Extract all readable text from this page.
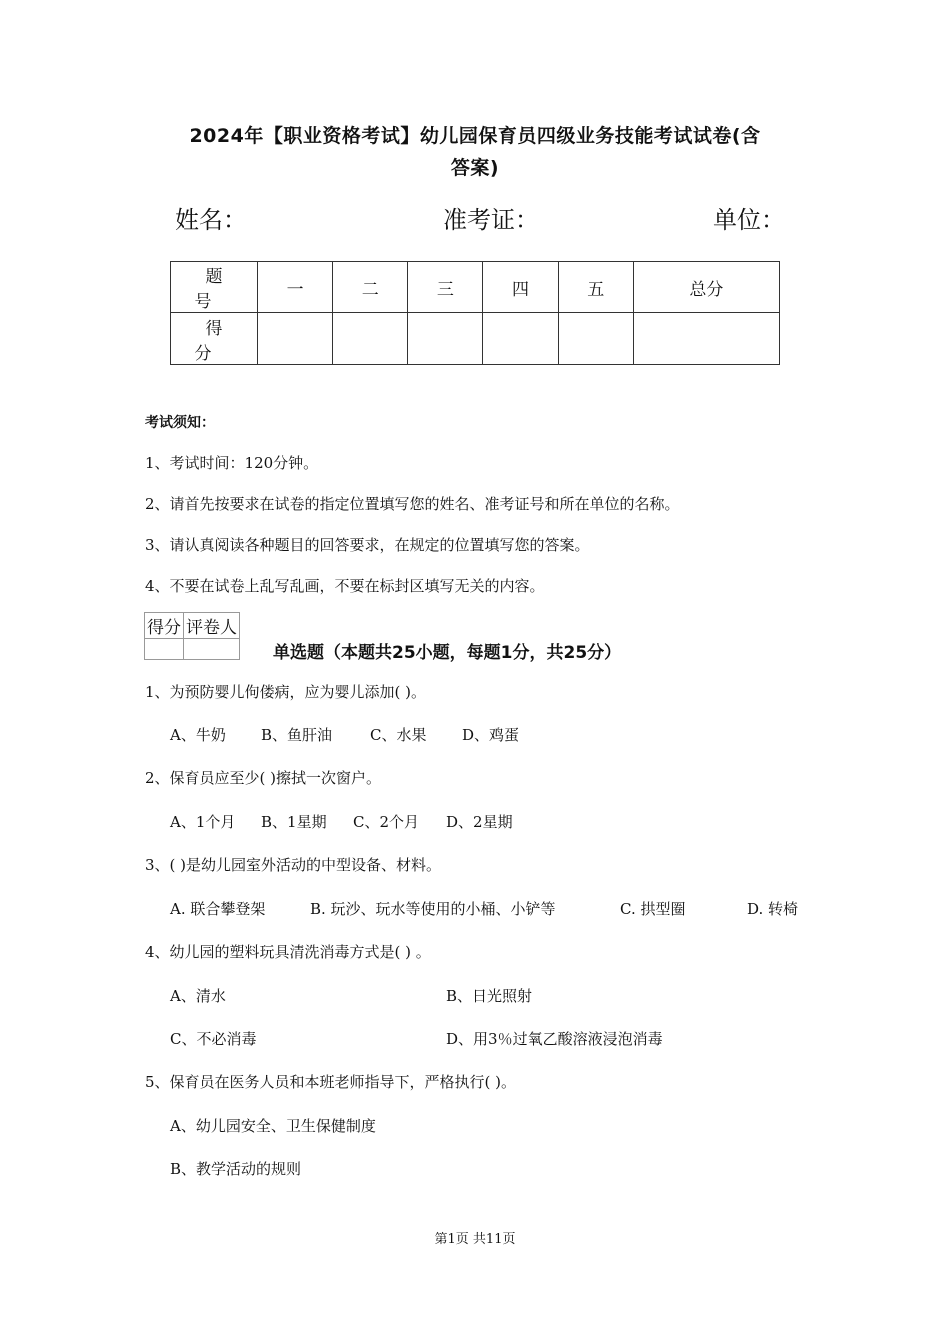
2024年【职业资格考试】幼儿园保育员四级业务技能考试试卷(含
答案)
姓名：	准考证：	单位：
题号	一	二	三	四	五	总分
得分						
考试须知：
1、考试时间：120分钟。
2、请首先按要求在试卷的指定位置填写您的姓名、准考证号和所在单位的名称。
3、请认真阅读各种题目的回答要求，在规定的位置填写您的答案。
4、不要在试卷上乱写乱画，不要在标封区填写无关的内容。
得分	评卷人

单选题（本题共25小题，每题1分，共25分）
1、为预防婴儿佝偻病，应为婴儿添加( )。
A、牛奶 B、鱼肝油	C、水果 D、鸡蛋
2、保育员应至少( )擦拭一次窗户。
A、1个月 B、1星期 C、2个月 D、2星期
3、( )是幼儿园室外活动的中型设备、材料。
A. 联合攀登架	B. 玩沙、玩水等使用的小桶、小铲等	C. 拱型圈	D. 转椅
4、幼儿园的塑料玩具清洗消毒方式是( ) 。
A、清水	B、日光照射
C、不必消毒	D、用3％过氧乙酸溶液浸泡消毒
5、保育员在医务人员和本班老师指导下，严格执行( )。
A、幼儿园安全、卫生保健制度
B、教学活动的规则
第1页 共11页
